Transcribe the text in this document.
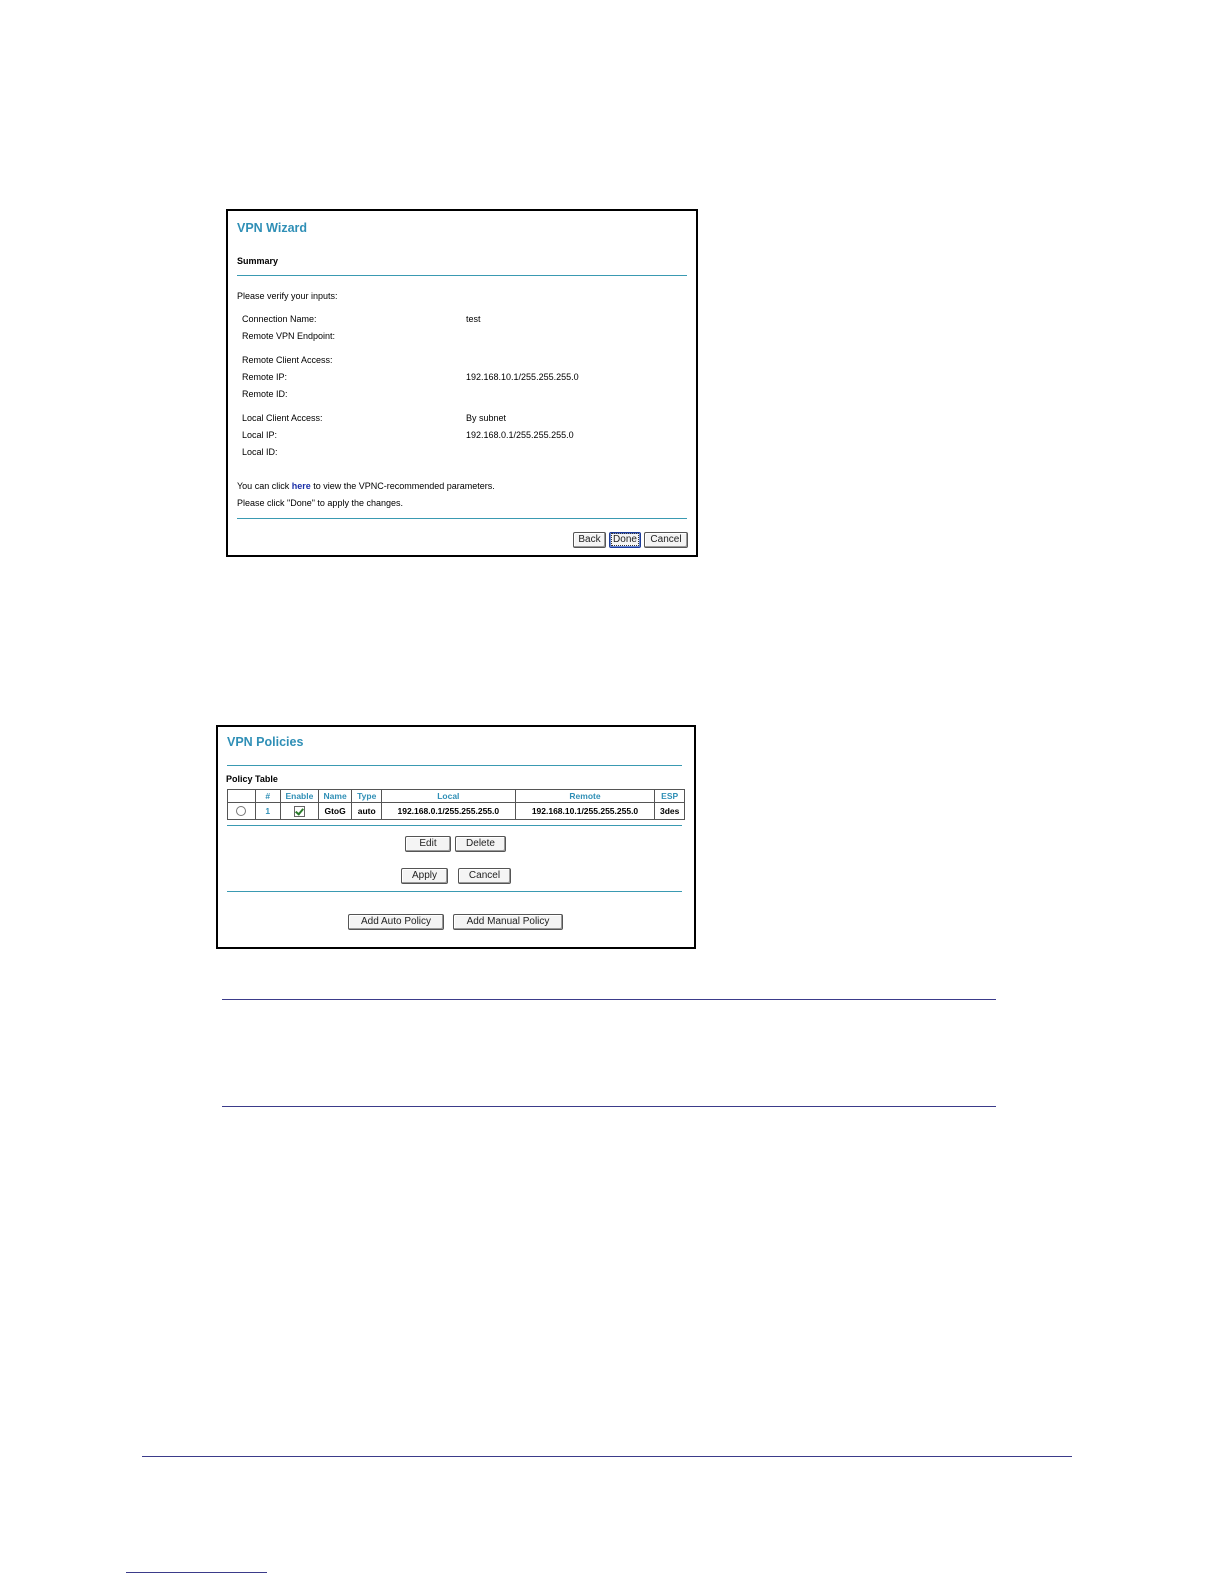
VPN Wizard
Summary
Please verify your inputs:
Connection Name:	test
Remote VPN Endpoint:
Remote Client Access:
Remote IP:	192.168.10.1/255.255.255.0
Remote ID:
Local Client Access:	By subnet
Local IP:	192.168.0.1/255.255.255.0
Local ID:
You can click here to view the VPNC-recommended parameters.
Please click "Done" to apply the changes.
Back	Done	Cancel
VPN Policies
Policy Table
	#	Enable	Name	Type	Local	Remote	ESP
	1		GtoG	auto	192.168.0.1/255.255.255.0	192.168.10.1/255.255.255.0	3des
Edit	Delete
Apply	Cancel
Add Auto Policy	Add Manual Policy
